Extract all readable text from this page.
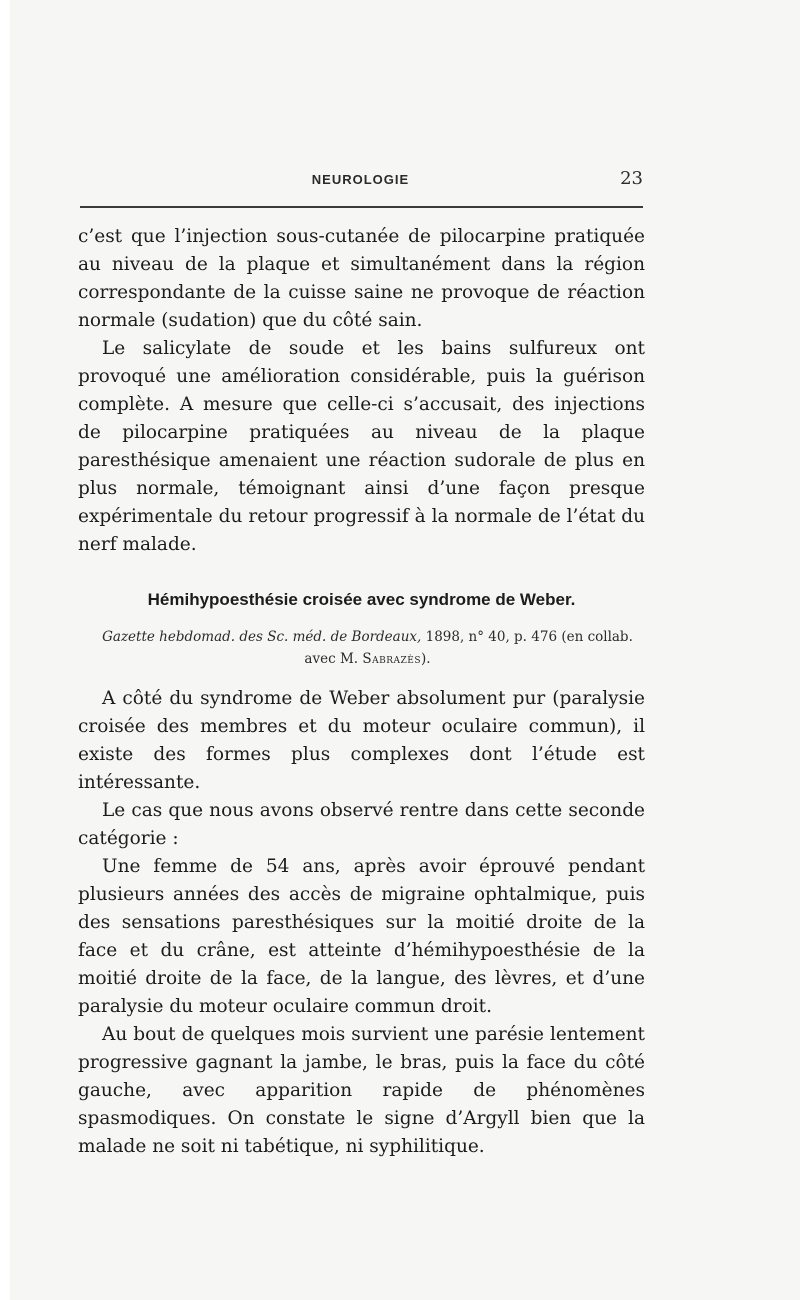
NEUROLOGIE	23

c’est que l’injection sous-cutanée de pilocarpine pratiquée au niveau de la plaque et simultanément dans la région correspondante de la cuisse saine ne provoque de réaction normale (sudation) que du côté sain.

Le salicylate de soude et les bains sulfureux ont provoqué une amélioration considérable, puis la guérison complète. A mesure que celle-ci s’accusait, des injections de pilocarpine pratiquées au niveau de la plaque paresthésique amenaient une réaction sudorale de plus en plus normale, témoignant ainsi d’une façon presque expérimentale du retour progressif à la normale de l’état du nerf malade.

Hémihypoesthésie croisée avec syndrome de Weber.
Gazette hebdomad. des Sc. méd. de Bordeaux, 1898, n° 40, p. 476 (en collab.
avec M. Sabrazès).

A côté du syndrome de Weber absolument pur (paralysie croisée des membres et du moteur oculaire commun), il existe des formes plus complexes dont l’étude est intéressante.

Le cas que nous avons observé rentre dans cette seconde catégorie :

Une femme de 54 ans, après avoir éprouvé pendant plusieurs années des accès de migraine ophtalmique, puis des sensations paresthésiques sur la moitié droite de la face et du crâne, est atteinte d’hémihypoesthésie de la moitié droite de la face, de la langue, des lèvres, et d’une paralysie du moteur oculaire commun droit.

Au bout de quelques mois survient une parésie lentement progressive gagnant la jambe, le bras, puis la face du côté gauche, avec apparition rapide de phénomènes spasmodiques. On constate le signe d’Argyll bien que la malade ne soit ni tabétique, ni syphilitique.
